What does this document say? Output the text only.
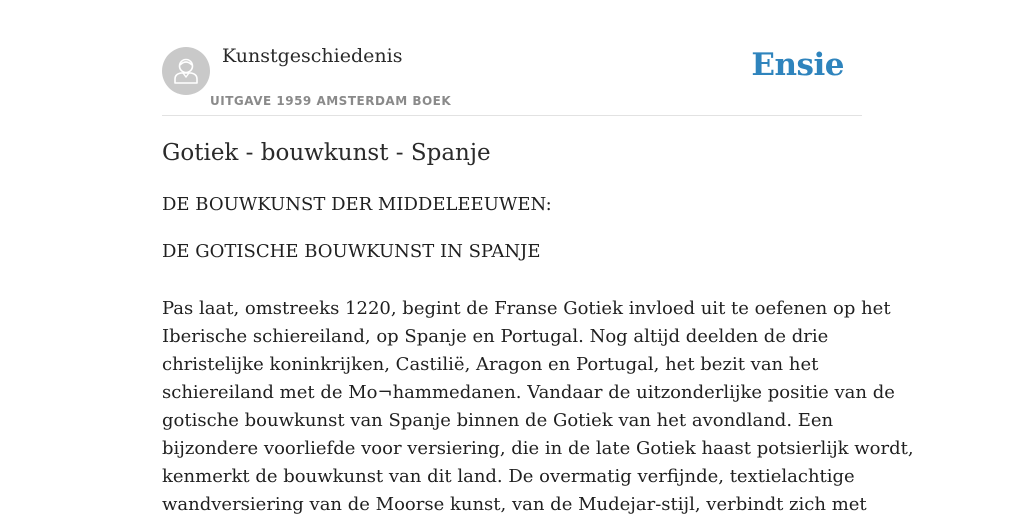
Kunstgeschiedenis
UITGAVE 1959 AMSTERDAM BOEK
Ensie
Gotiek - bouwkunst - Spanje

DE BOUWKUNST DER MIDDELEEUWEN:

DE GOTISCHE BOUWKUNST IN SPANJE

Pas laat, omstreeks 1220, begint de Franse Gotiek invloed uit te oefenen op het
Iberische schiereiland, op Spanje en Portugal. Nog altijd deelden de drie
christelijke koninkrijken, Castilië, Aragon en Portugal, het bezit van het
schiereiland met de Mo¬hammedanen. Vandaar de uitzonderlijke positie van de
gotische bouwkunst van Spanje binnen de Gotiek van het avondland. Een
bijzondere voorliefde voor versiering, die in de late Gotiek haast potsierlijk wordt,
kenmerkt de bouwkunst van dit land. De overmatig verfijnde, textielachtige
wandversiering van de Moorse kunst, van de Mudejar-stijl, verbindt zich met
